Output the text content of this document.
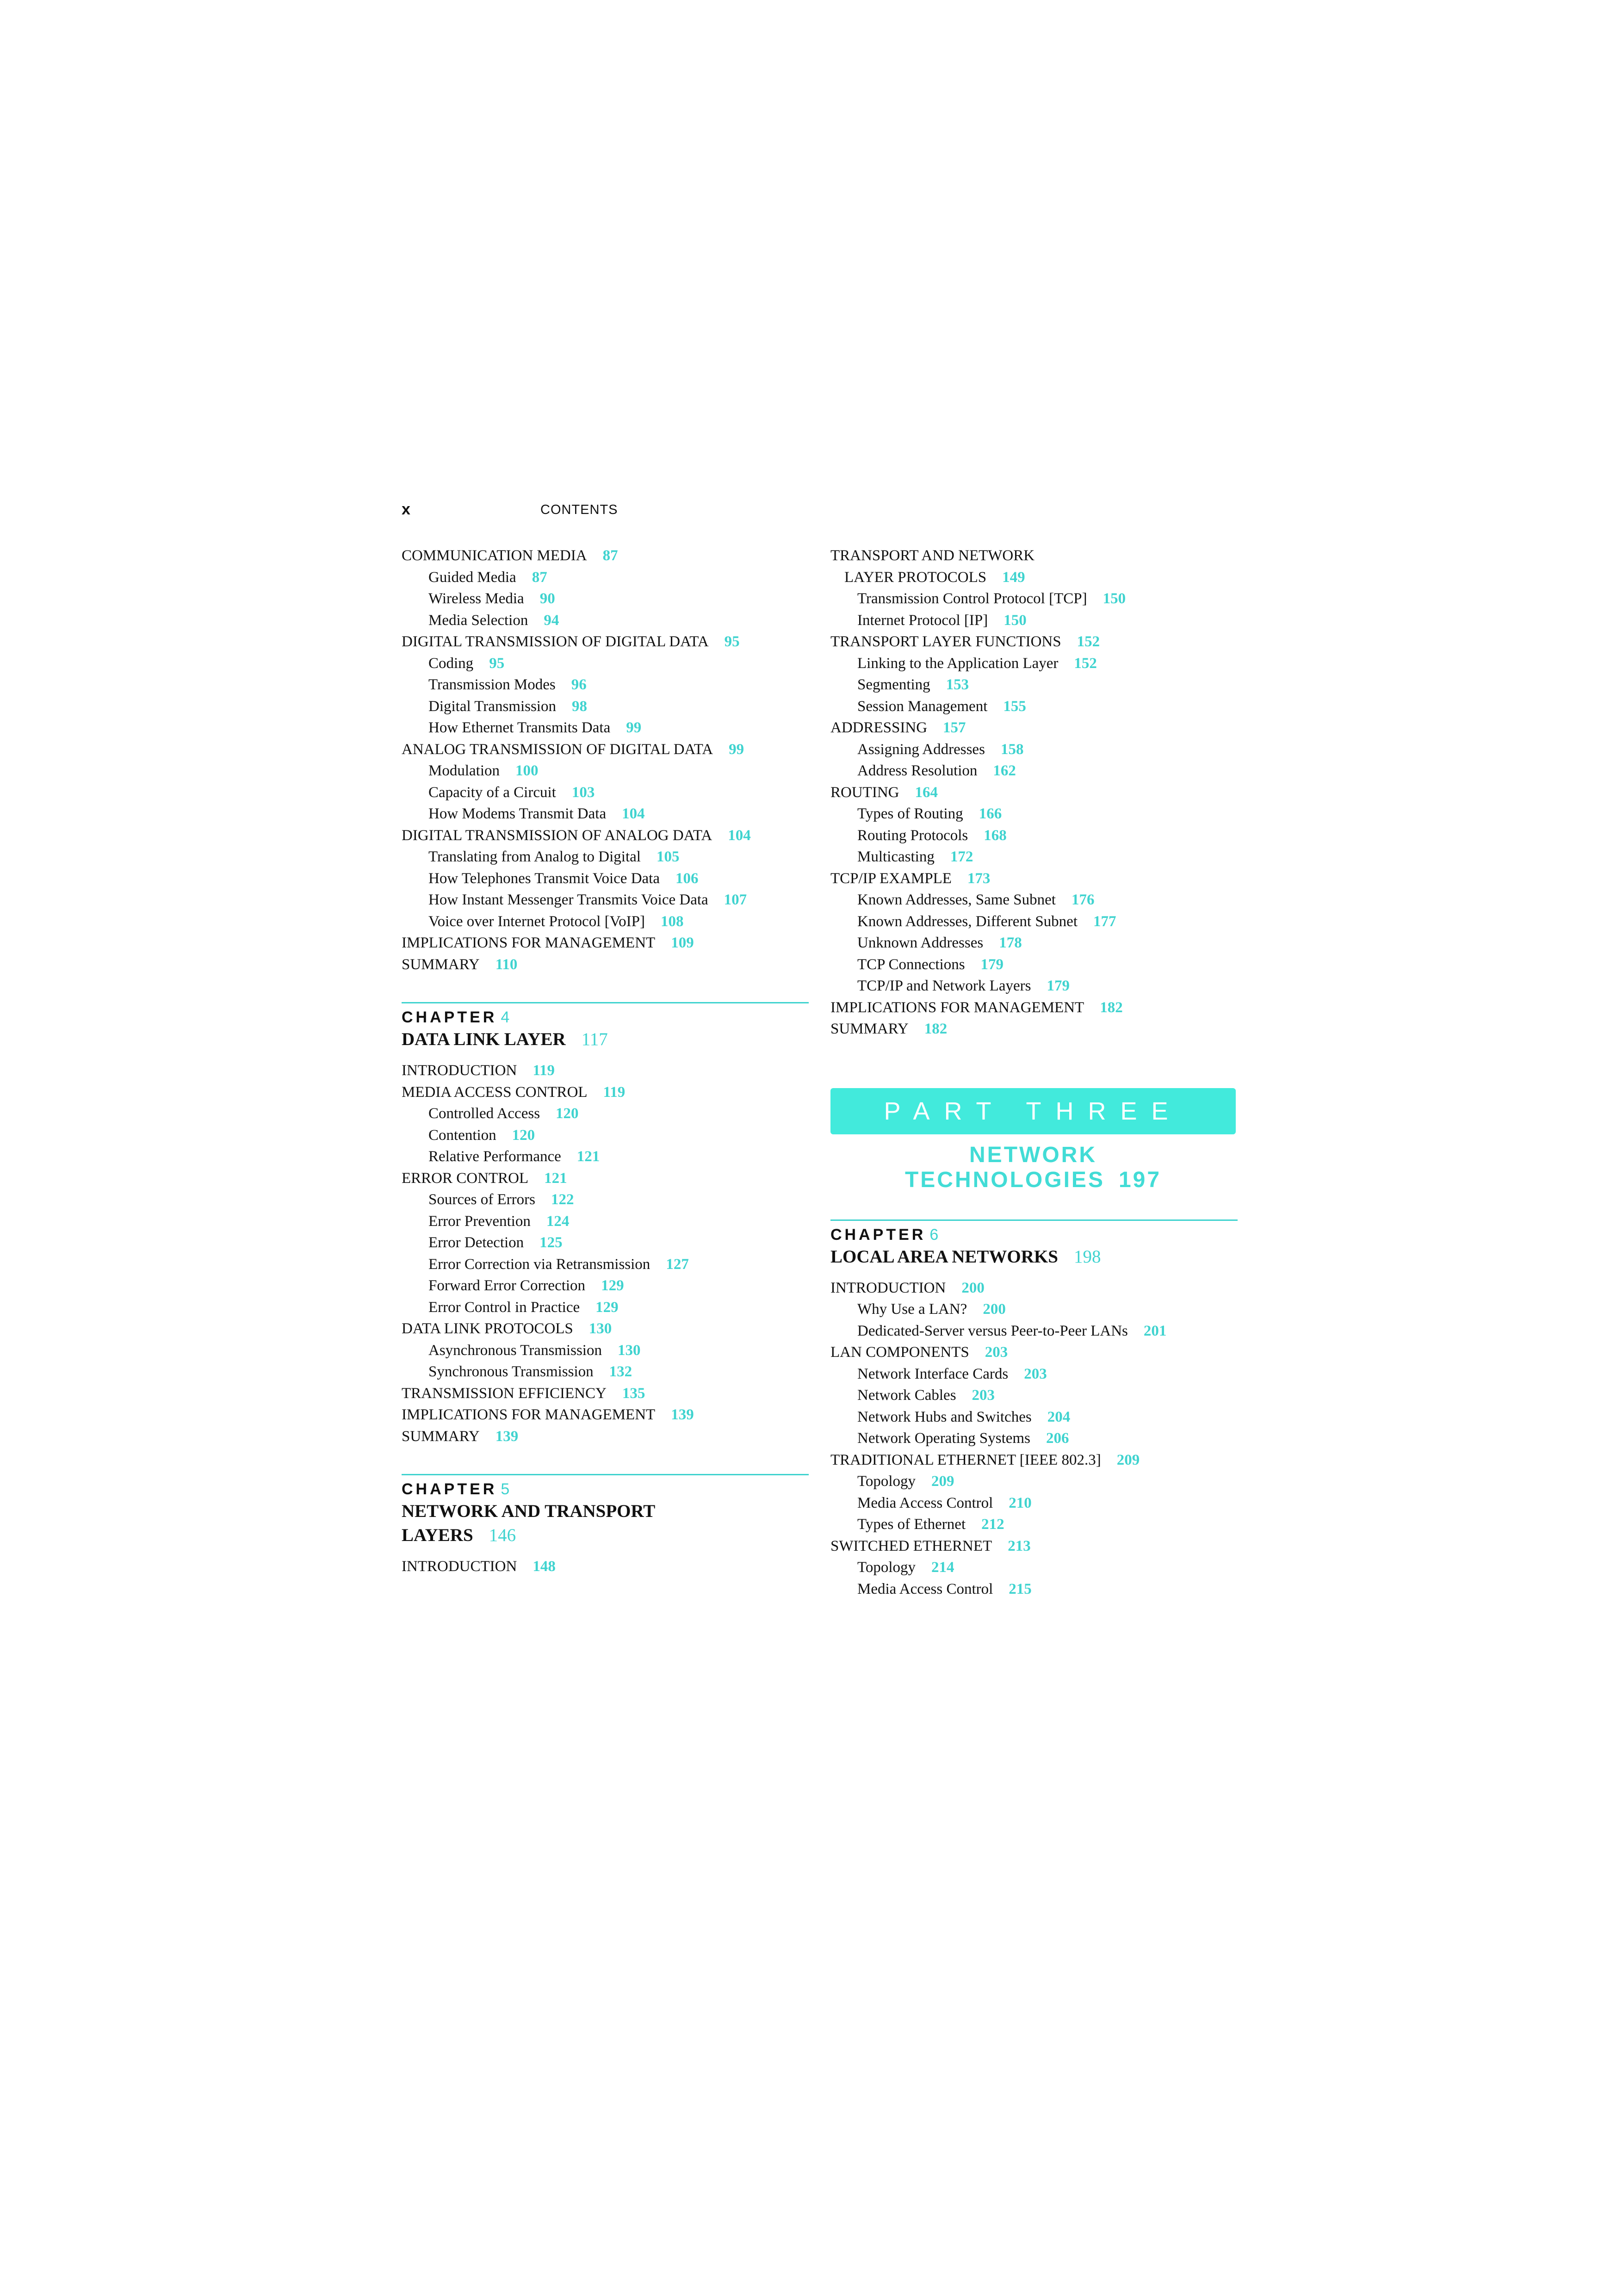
x	CONTENTS
COMMUNICATION MEDIA 87
Guided Media 87
Wireless Media 90
Media Selection 94
DIGITAL TRANSMISSION OF DIGITAL DATA 95
Coding 95
Transmission Modes 96
Digital Transmission 98
How Ethernet Transmits Data 99
ANALOG TRANSMISSION OF DIGITAL DATA 99
Modulation 100
Capacity of a Circuit 103
How Modems Transmit Data 104
DIGITAL TRANSMISSION OF ANALOG DATA 104
Translating from Analog to Digital 105
How Telephones Transmit Voice Data 106
How Instant Messenger Transmits Voice Data 107
Voice over Internet Protocol [VoIP] 108
IMPLICATIONS FOR MANAGEMENT 109
SUMMARY 110
CHAPTER 4
DATA LINK LAYER 117
INTRODUCTION 119
MEDIA ACCESS CONTROL 119
Controlled Access 120
Contention 120
Relative Performance 121
ERROR CONTROL 121
Sources of Errors 122
Error Prevention 124
Error Detection 125
Error Correction via Retransmission 127
Forward Error Correction 129
Error Control in Practice 129
DATA LINK PROTOCOLS 130
Asynchronous Transmission 130
Synchronous Transmission 132
TRANSMISSION EFFICIENCY 135
IMPLICATIONS FOR MANAGEMENT 139
SUMMARY 139
CHAPTER 5
NETWORK AND TRANSPORT
LAYERS 146
INTRODUCTION 148
TRANSPORT AND NETWORK
LAYER PROTOCOLS 149
Transmission Control Protocol [TCP] 150
Internet Protocol [IP] 150
TRANSPORT LAYER FUNCTIONS 152
Linking to the Application Layer 152
Segmenting 153
Session Management 155
ADDRESSING 157
Assigning Addresses 158
Address Resolution 162
ROUTING 164
Types of Routing 166
Routing Protocols 168
Multicasting 172
TCP/IP EXAMPLE 173
Known Addresses, Same Subnet 176
Known Addresses, Different Subnet 177
Unknown Addresses 178
TCP Connections 179
TCP/IP and Network Layers 179
IMPLICATIONS FOR MANAGEMENT 182
SUMMARY 182
PART THREE
NETWORK
TECHNOLOGIES 197
CHAPTER 6
LOCAL AREA NETWORKS 198
INTRODUCTION 200
Why Use a LAN? 200
Dedicated-Server versus Peer-to-Peer LANs 201
LAN COMPONENTS 203
Network Interface Cards 203
Network Cables 203
Network Hubs and Switches 204
Network Operating Systems 206
TRADITIONAL ETHERNET [IEEE 802.3] 209
Topology 209
Media Access Control 210
Types of Ethernet 212
SWITCHED ETHERNET 213
Topology 214
Media Access Control 215
